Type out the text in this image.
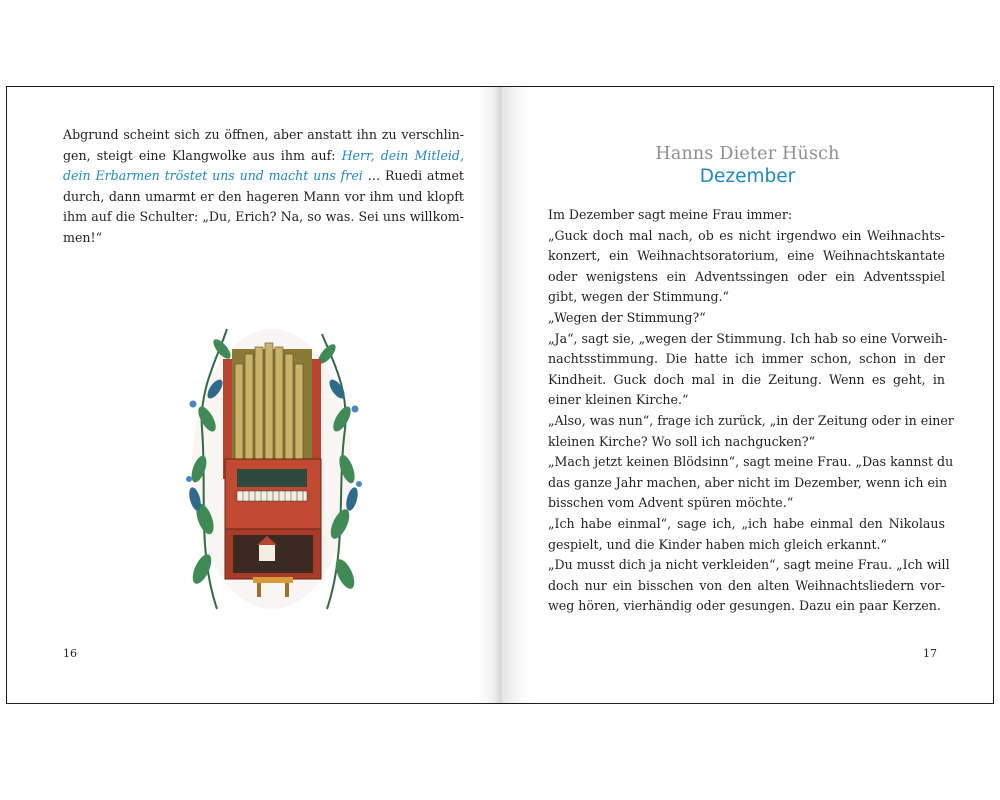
Abgrund scheint sich zu öffnen, aber anstatt ihn zu verschlin-
gen, steigt eine Klangwolke aus ihm auf: Herr, dein Mitleid,
dein Erbarmen tröstet uns und macht uns frei … Ruedi atmet
durch, dann umarmt er den hageren Mann vor ihm und klopft
ihm auf die Schulter: „Du, Erich? Na, so was. Sei uns willkom-
men!“
16
Hanns Dieter Hüsch
Dezember
Im Dezember sagt meine Frau immer:
„Guck doch mal nach, ob es nicht irgendwo ein Weihnachts-
konzert, ein Weihnachtsoratorium, eine Weihnachtskantate
oder wenigstens ein Adventssingen oder ein Adventsspiel
gibt, wegen der Stimmung.“
„Wegen der Stimmung?“
„Ja“, sagt sie, „wegen der Stimmung. Ich hab so eine Vorweih-
nachtsstimmung. Die hatte ich immer schon, schon in der
Kindheit. Guck doch mal in die Zeitung. Wenn es geht, in
einer kleinen Kirche.“
„Also, was nun“, frage ich zurück, „in der Zeitung oder in einer
kleinen Kirche? Wo soll ich nachgucken?“
„Mach jetzt keinen Blödsinn“, sagt meine Frau. „Das kannst du
das ganze Jahr machen, aber nicht im Dezember, wenn ich ein
bisschen vom Advent spüren möchte.“
„Ich habe einmal“, sage ich, „ich habe einmal den Nikolaus
gespielt, und die Kinder haben mich gleich erkannt.“
„Du musst dich ja nicht verkleiden“, sagt meine Frau. „Ich will
doch nur ein bisschen von den alten Weihnachtsliedern vor-
weg hören, vierhändig oder gesungen. Dazu ein paar Kerzen.
17
